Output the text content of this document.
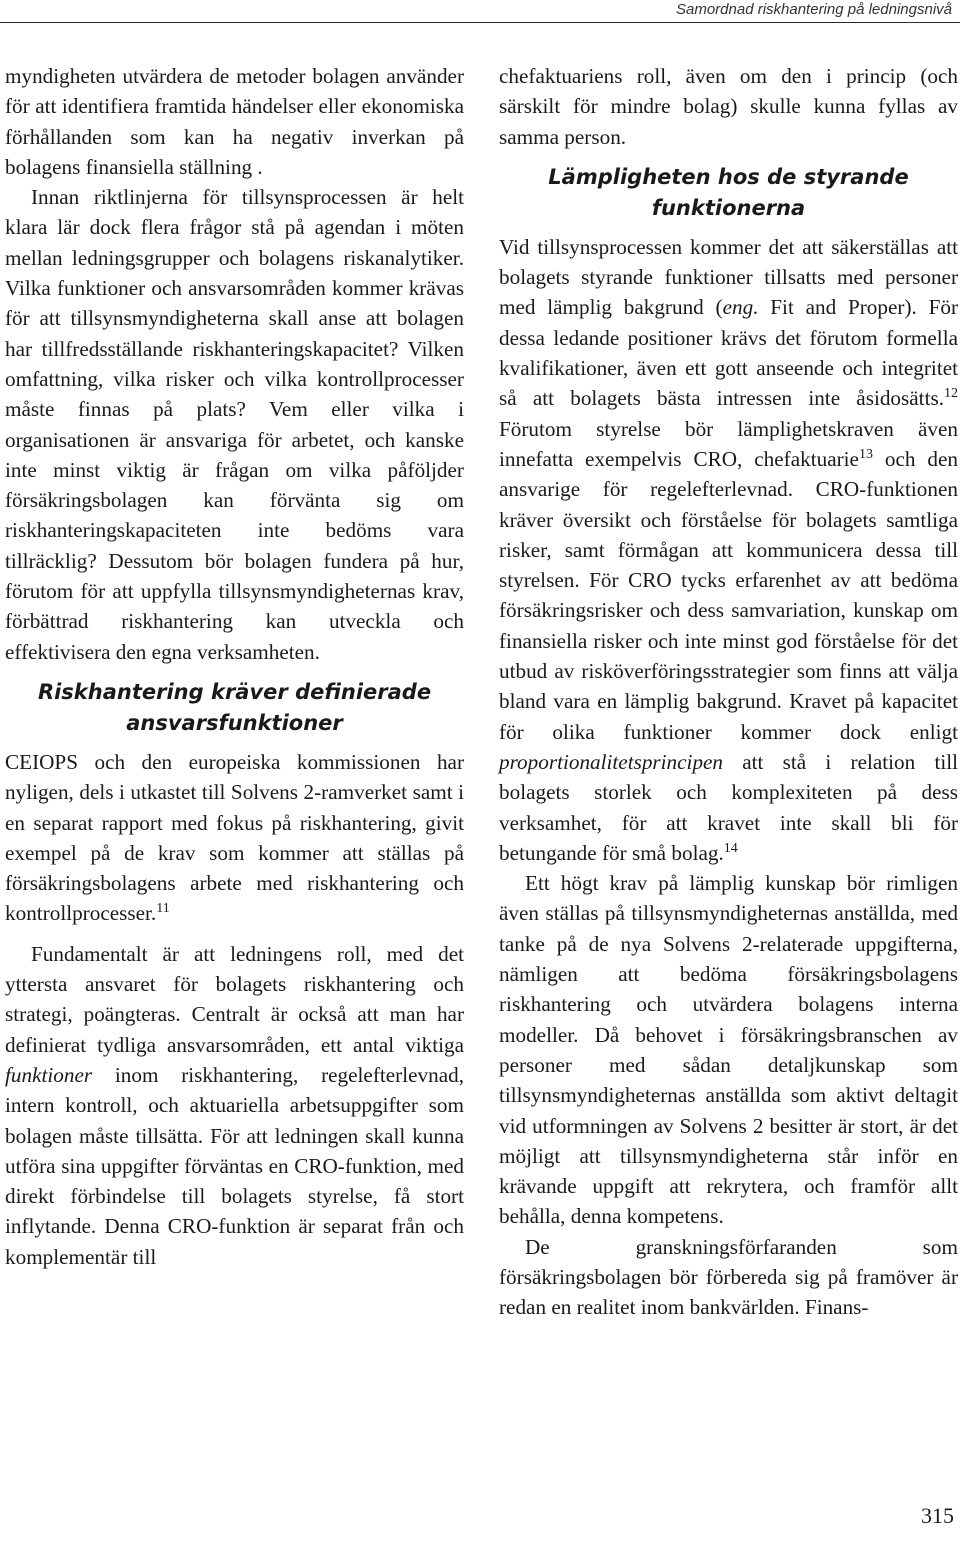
Samordnad riskhantering på ledningsnivå

myndigheten utvärdera de metoder bolagen använder för att identifiera framtida händelser eller ekonomiska förhållanden som kan ha negativ inverkan på bolagens finansiella ställning .

Innan riktlinjerna för tillsynsprocessen är helt klara lär dock flera frågor stå på agendan i möten mellan ledningsgrupper och bolagens riskanalytiker. Vilka funktioner och ansvarsområden kommer krävas för att tillsynsmyndigheterna skall anse att bolagen har tillfredsställande riskhanteringskapacitet? Vilken omfattning, vilka risker och vilka kontrollprocesser måste finnas på plats? Vem eller vilka i organisationen är ansvariga för arbetet, och kanske inte minst viktig är frågan om vilka påföljder försäkringsbolagen kan förvänta sig om riskhanteringskapaciteten inte bedöms vara tillräcklig? Dessutom bör bolagen fundera på hur, förutom för att uppfylla tillsynsmyndigheternas krav, förbättrad riskhantering kan utveckla och effektivisera den egna verksamheten.

Riskhantering kräver definierade
ansvarsfunktioner

CEIOPS och den europeiska kommissionen har nyligen, dels i utkastet till Solvens 2-ramverket samt i en separat rapport med fokus på riskhantering, givit exempel på de krav som kommer att ställas på försäkringsbolagens arbete med riskhantering och kontrollprocesser.$^{11}$

Fundamentalt är att ledningens roll, med det yttersta ansvaret för bolagets riskhantering och strategi, poängteras. Centralt är också att man har definierat tydliga ansvarsområden, ett antal viktiga funktioner inom riskhantering, regelefterlevnad, intern kontroll, och aktuariella arbetsuppgifter som bolagen måste tillsätta. För att ledningen skall kunna utföra sina uppgifter förväntas en CRO-funktion, med direkt förbindelse till bolagets styrelse, få stort inflytande. Denna CRO-funktion är separat från och komplementär till

chefaktuariens roll, även om den i princip (och särskilt för mindre bolag) skulle kunna fyllas av samma person.

Lämpligheten hos de styrande
funktionerna

Vid tillsynsprocessen kommer det att säkerställas att bolagets styrande funktioner tillsatts med personer med lämplig bakgrund (eng. Fit and Proper). För dessa ledande positioner krävs det förutom formella kvalifikationer, även ett gott anseende och integritet så att bolagets bästa intressen inte åsidosätts.$^{12}$ Förutom styrelse bör lämplighetskraven även innefatta exempelvis CRO, chefaktuarie$^{13}$ och den ansvarige för regelefterlevnad. CRO-funktionen kräver översikt och förståelse för bolagets samtliga risker, samt förmågan att kommunicera dessa till styrelsen. För CRO tycks erfarenhet av att bedöma försäkringsrisker och dess samvariation, kunskap om finansiella risker och inte minst god förståelse för det utbud av risköverföringsstrategier som finns att välja bland vara en lämplig bakgrund. Kravet på kapacitet för olika funktioner kommer dock enligt proportionalitetsprincipen att stå i relation till bolagets storlek och komplexiteten på dess verksamhet, för att kravet inte skall bli för betungande för små bolag.$^{14}$

Ett högt krav på lämplig kunskap bör rimligen även ställas på tillsynsmyndigheternas anställda, med tanke på de nya Solvens 2-relaterade uppgifterna, nämligen att bedöma försäkringsbolagens riskhantering och utvärdera bolagens interna modeller. Då behovet i försäkringsbranschen av personer med sådan detaljkunskap som tillsynsmyndigheternas anställda som aktivt deltagit vid utformningen av Solvens 2 besitter är stort, är det möjligt att tillsynsmyndigheterna står inför en krävande uppgift att rekrytera, och framför allt behålla, denna kompetens.

De granskningsförfaranden som försäkringsbolagen bör förbereda sig på framöver är redan en realitet inom bankvärlden. Finans-

315
